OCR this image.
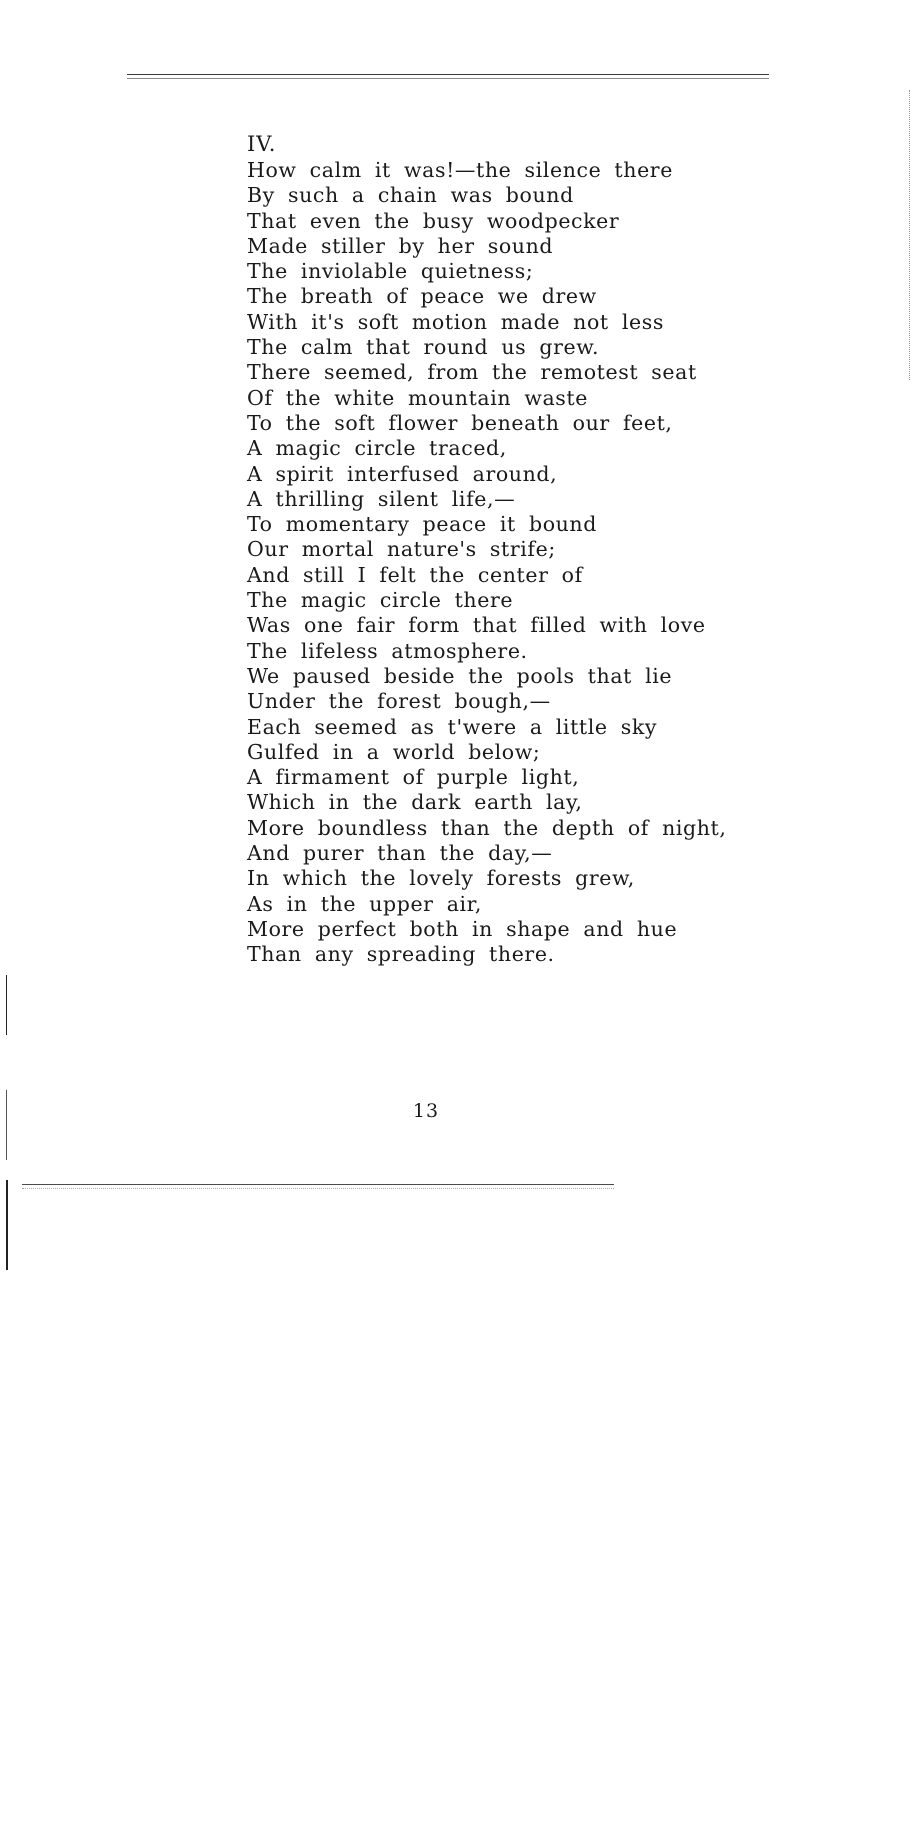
IV.
How calm it was!—the silence there
By such a chain was bound
That even the busy woodpecker
Made stiller by her sound
The inviolable quietness;
The breath of peace we drew
With it's soft motion made not less
The calm that round us grew.
There seemed, from the remotest seat
Of the white mountain waste
To the soft flower beneath our feet,
A magic circle traced,
A spirit interfused around,
A thrilling silent life,—
To momentary peace it bound
Our mortal nature's strife;
And still I felt the center of
The magic circle there
Was one fair form that filled with love
The lifeless atmosphere.
We paused beside the pools that lie
Under the forest bough,—
Each seemed as t'were a little sky
Gulfed in a world below;
A firmament of purple light,
Which in the dark earth lay,
More boundless than the depth of night,
And purer than the day,—
In which the lovely forests grew,
As in the upper air,
More perfect both in shape and hue
Than any spreading there.
13
